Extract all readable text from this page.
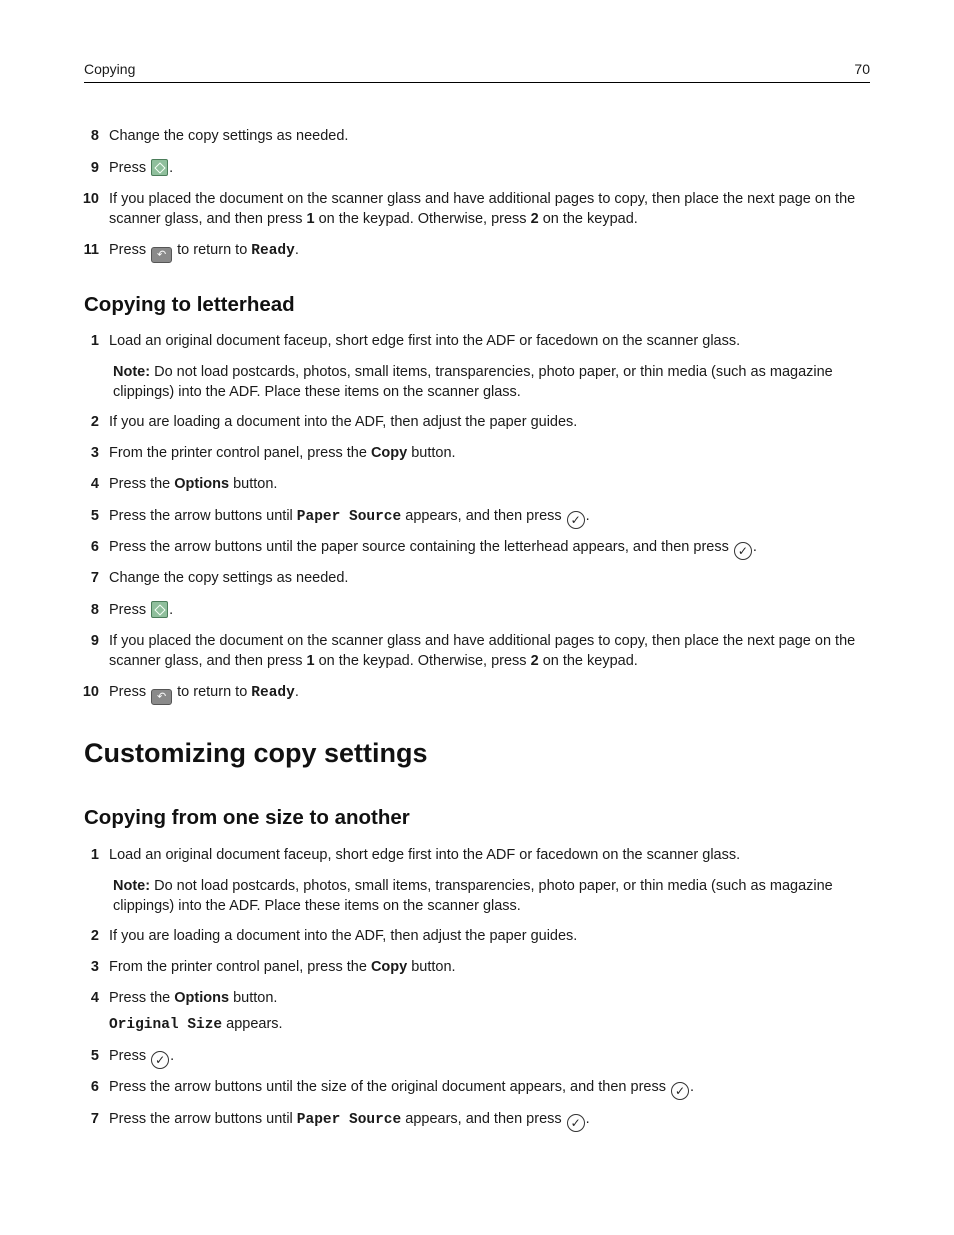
Copying	70
8 Change the copy settings as needed.
9 Press .
10 If you placed the document on the scanner glass and have additional pages to copy, then place the next page on the scanner glass, and then press 1 on the keypad. Otherwise, press 2 on the keypad.
11 Press ↶ to return to Ready.
Copying to letterhead
1 Load an original document faceup, short edge first into the ADF or facedown on the scanner glass.
Note: Do not load postcards, photos, small items, transparencies, photo paper, or thin media (such as magazine clippings) into the ADF. Place these items on the scanner glass.
2 If you are loading a document into the ADF, then adjust the paper guides.
3 From the printer control panel, press the Copy button.
4 Press the Options button.
5 Press the arrow buttons until Paper Source appears, and then press ✓ .
6 Press the arrow buttons until the paper source containing the letterhead appears, and then press ✓ .
7 Change the copy settings as needed.
8 Press .
9 If you placed the document on the scanner glass and have additional pages to copy, then place the next page on the scanner glass, and then press 1 on the keypad. Otherwise, press 2 on the keypad.
10 Press ↶ to return to Ready.
Customizing copy settings
Copying from one size to another
1 Load an original document faceup, short edge first into the ADF or facedown on the scanner glass.
Note: Do not load postcards, photos, small items, transparencies, photo paper, or thin media (such as magazine clippings) into the ADF. Place these items on the scanner glass.
2 If you are loading a document into the ADF, then adjust the paper guides.
3 From the printer control panel, press the Copy button.
4 Press the Options button.
Original Size appears.
5 Press ✓ .
6 Press the arrow buttons until the size of the original document appears, and then press ✓ .
7 Press the arrow buttons until Paper Source appears, and then press ✓ .
